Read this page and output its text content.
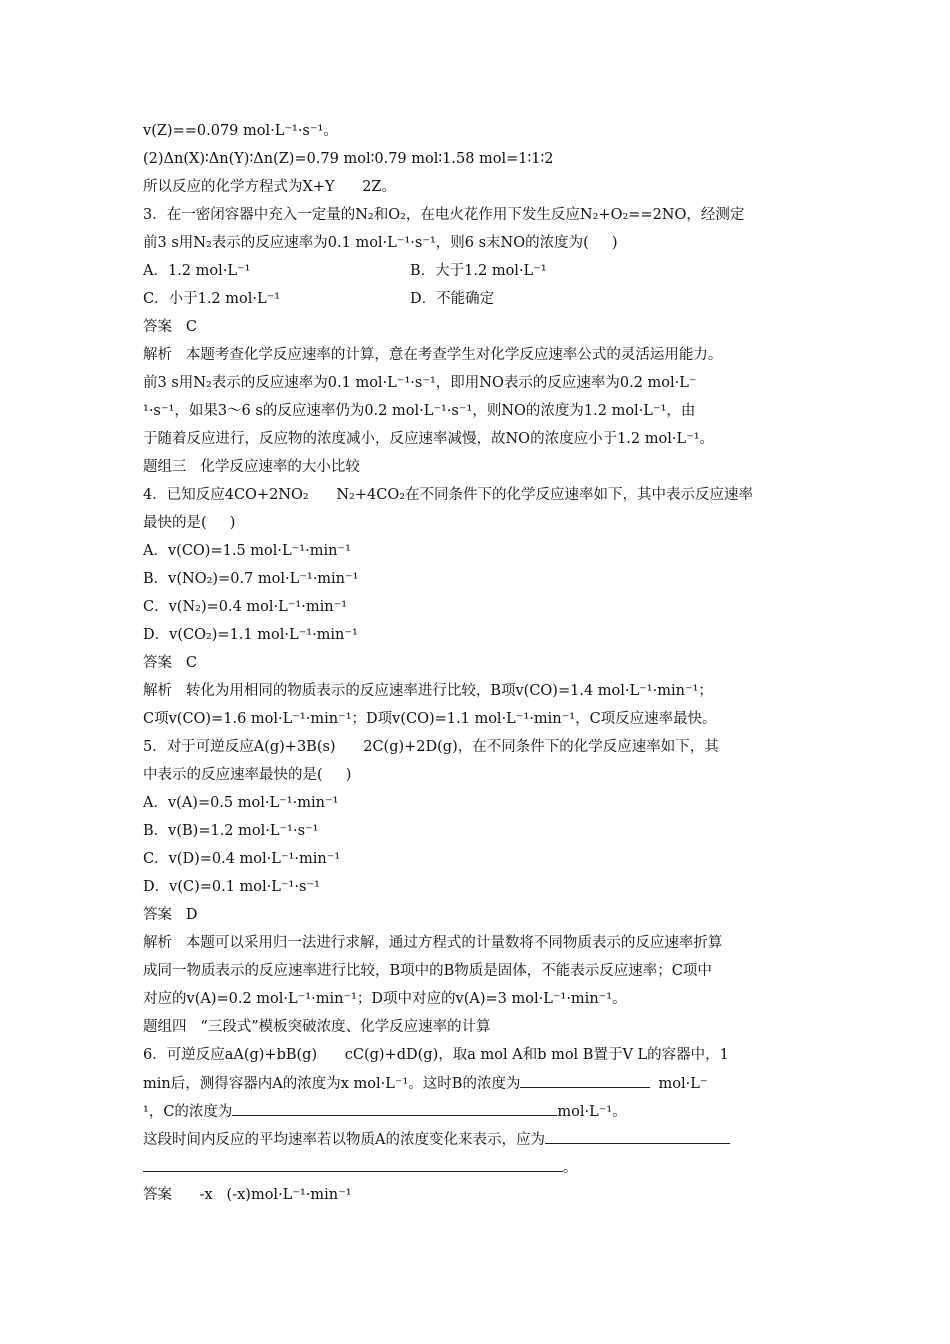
v(Z)==0.079 mol·L⁻¹·s⁻¹。
(2)Δn(X)∶Δn(Y)∶Δn(Z)=0.79 mol∶0.79 mol∶1.58 mol=1∶1∶2
所以反应的化学方程式为X+Y      2Z。
3．在一密闭容器中充入一定量的N₂和O₂，在电火花作用下发生反应N₂+O₂==2NO，经测定
前3 s用N₂表示的反应速率为0.1 mol·L⁻¹·s⁻¹，则6 s末NO的浓度为(     )
A．1.2 mol·L⁻¹	B．大于1.2 mol·L⁻¹
C．小于1.2 mol·L⁻¹	D．不能确定
答案   C
解析   本题考查化学反应速率的计算，意在考查学生对化学反应速率公式的灵活运用能力。
前3 s用N₂表示的反应速率为0.1 mol·L⁻¹·s⁻¹，即用NO表示的反应速率为0.2 mol·L⁻
¹·s⁻¹，如果3～6 s的反应速率仍为0.2 mol·L⁻¹·s⁻¹，则NO的浓度为1.2 mol·L⁻¹，由
于随着反应进行，反应物的浓度减小，反应速率减慢，故NO的浓度应小于1.2 mol·L⁻¹。
题组三   化学反应速率的大小比较
4．已知反应4CO+2NO₂      N₂+4CO₂在不同条件下的化学反应速率如下，其中表示反应速率
最快的是(     )
A．v(CO)=1.5 mol·L⁻¹·min⁻¹
B．v(NO₂)=0.7 mol·L⁻¹·min⁻¹
C．v(N₂)=0.4 mol·L⁻¹·min⁻¹
D．v(CO₂)=1.1 mol·L⁻¹·min⁻¹
答案   C
解析   转化为用相同的物质表示的反应速率进行比较，B项v(CO)=1.4 mol·L⁻¹·min⁻¹；
C项v(CO)=1.6 mol·L⁻¹·min⁻¹；D项v(CO)=1.1 mol·L⁻¹·min⁻¹，C项反应速率最快。
5．对于可逆反应A(g)+3B(s)      2C(g)+2D(g)，在不同条件下的化学反应速率如下，其
中表示的反应速率最快的是(     )
A．v(A)=0.5 mol·L⁻¹·min⁻¹
B．v(B)=1.2 mol·L⁻¹·s⁻¹
C．v(D)=0.4 mol·L⁻¹·min⁻¹
D．v(C)=0.1 mol·L⁻¹·s⁻¹
答案   D
解析   本题可以采用归一法进行求解，通过方程式的计量数将不同物质表示的反应速率折算
成同一物质表示的反应速率进行比较，B项中的B物质是固体，不能表示反应速率；C项中
对应的v(A)=0.2 mol·L⁻¹·min⁻¹；D项中对应的v(A)=3 mol·L⁻¹·min⁻¹。
题组四   “三段式”模板突破浓度、化学反应速率的计算
6．可逆反应aA(g)+bB(g)      cC(g)+dD(g)，取a mol A和b mol B置于V L的容器中，1
min后，测得容器内A的浓度为x mol·L⁻¹。这时B的浓度为	mol·L⁻
¹，C的浓度为	mol·L⁻¹。
这段时间内反应的平均速率若以物质A的浓度变化来表示，应为
。
答案      -x   (-x)mol·L⁻¹·min⁻¹
